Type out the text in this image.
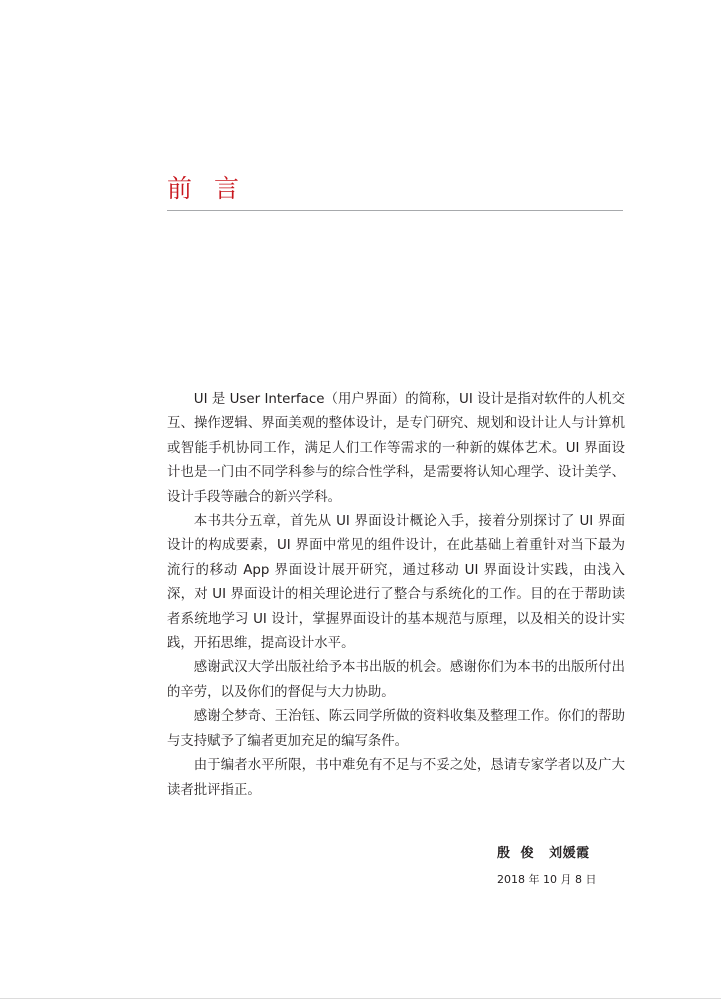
前言

UI 是 User Interface（用户界面）的简称，UI 设计是指对软件的人机交互、操作逻辑、界面美观的整体设计，是专门研究、规划和设计让人与计算机或智能手机协同工作，满足人们工作等需求的一种新的媒体艺术。UI 界面设计也是一门由不同学科参与的综合性学科，是需要将认知心理学、设计美学、设计手段等融合的新兴学科。

本书共分五章，首先从 UI 界面设计概论入手，接着分别探讨了 UI 界面设计的构成要素，UI 界面中常见的组件设计，在此基础上着重针对当下最为流行的移动 App 界面设计展开研究，通过移动 UI 界面设计实践，由浅入深，对 UI 界面设计的相关理论进行了整合与系统化的工作。目的在于帮助读者系统地学习 UI 设计，掌握界面设计的基本规范与原理，以及相关的设计实践，开拓思维，提高设计水平。

感谢武汉大学出版社给予本书出版的机会。感谢你们为本书的出版所付出的辛劳，以及你们的督促与大力协助。

感谢仝梦奇、王治钰、陈云同学所做的资料收集及整理工作。你们的帮助与支持赋予了编者更加充足的编写条件。

由于编者水平所限，书中难免有不足与不妥之处，恳请专家学者以及广大读者批评指正。

殷  俊   刘媛霞
2018 年 10 月 8 日
